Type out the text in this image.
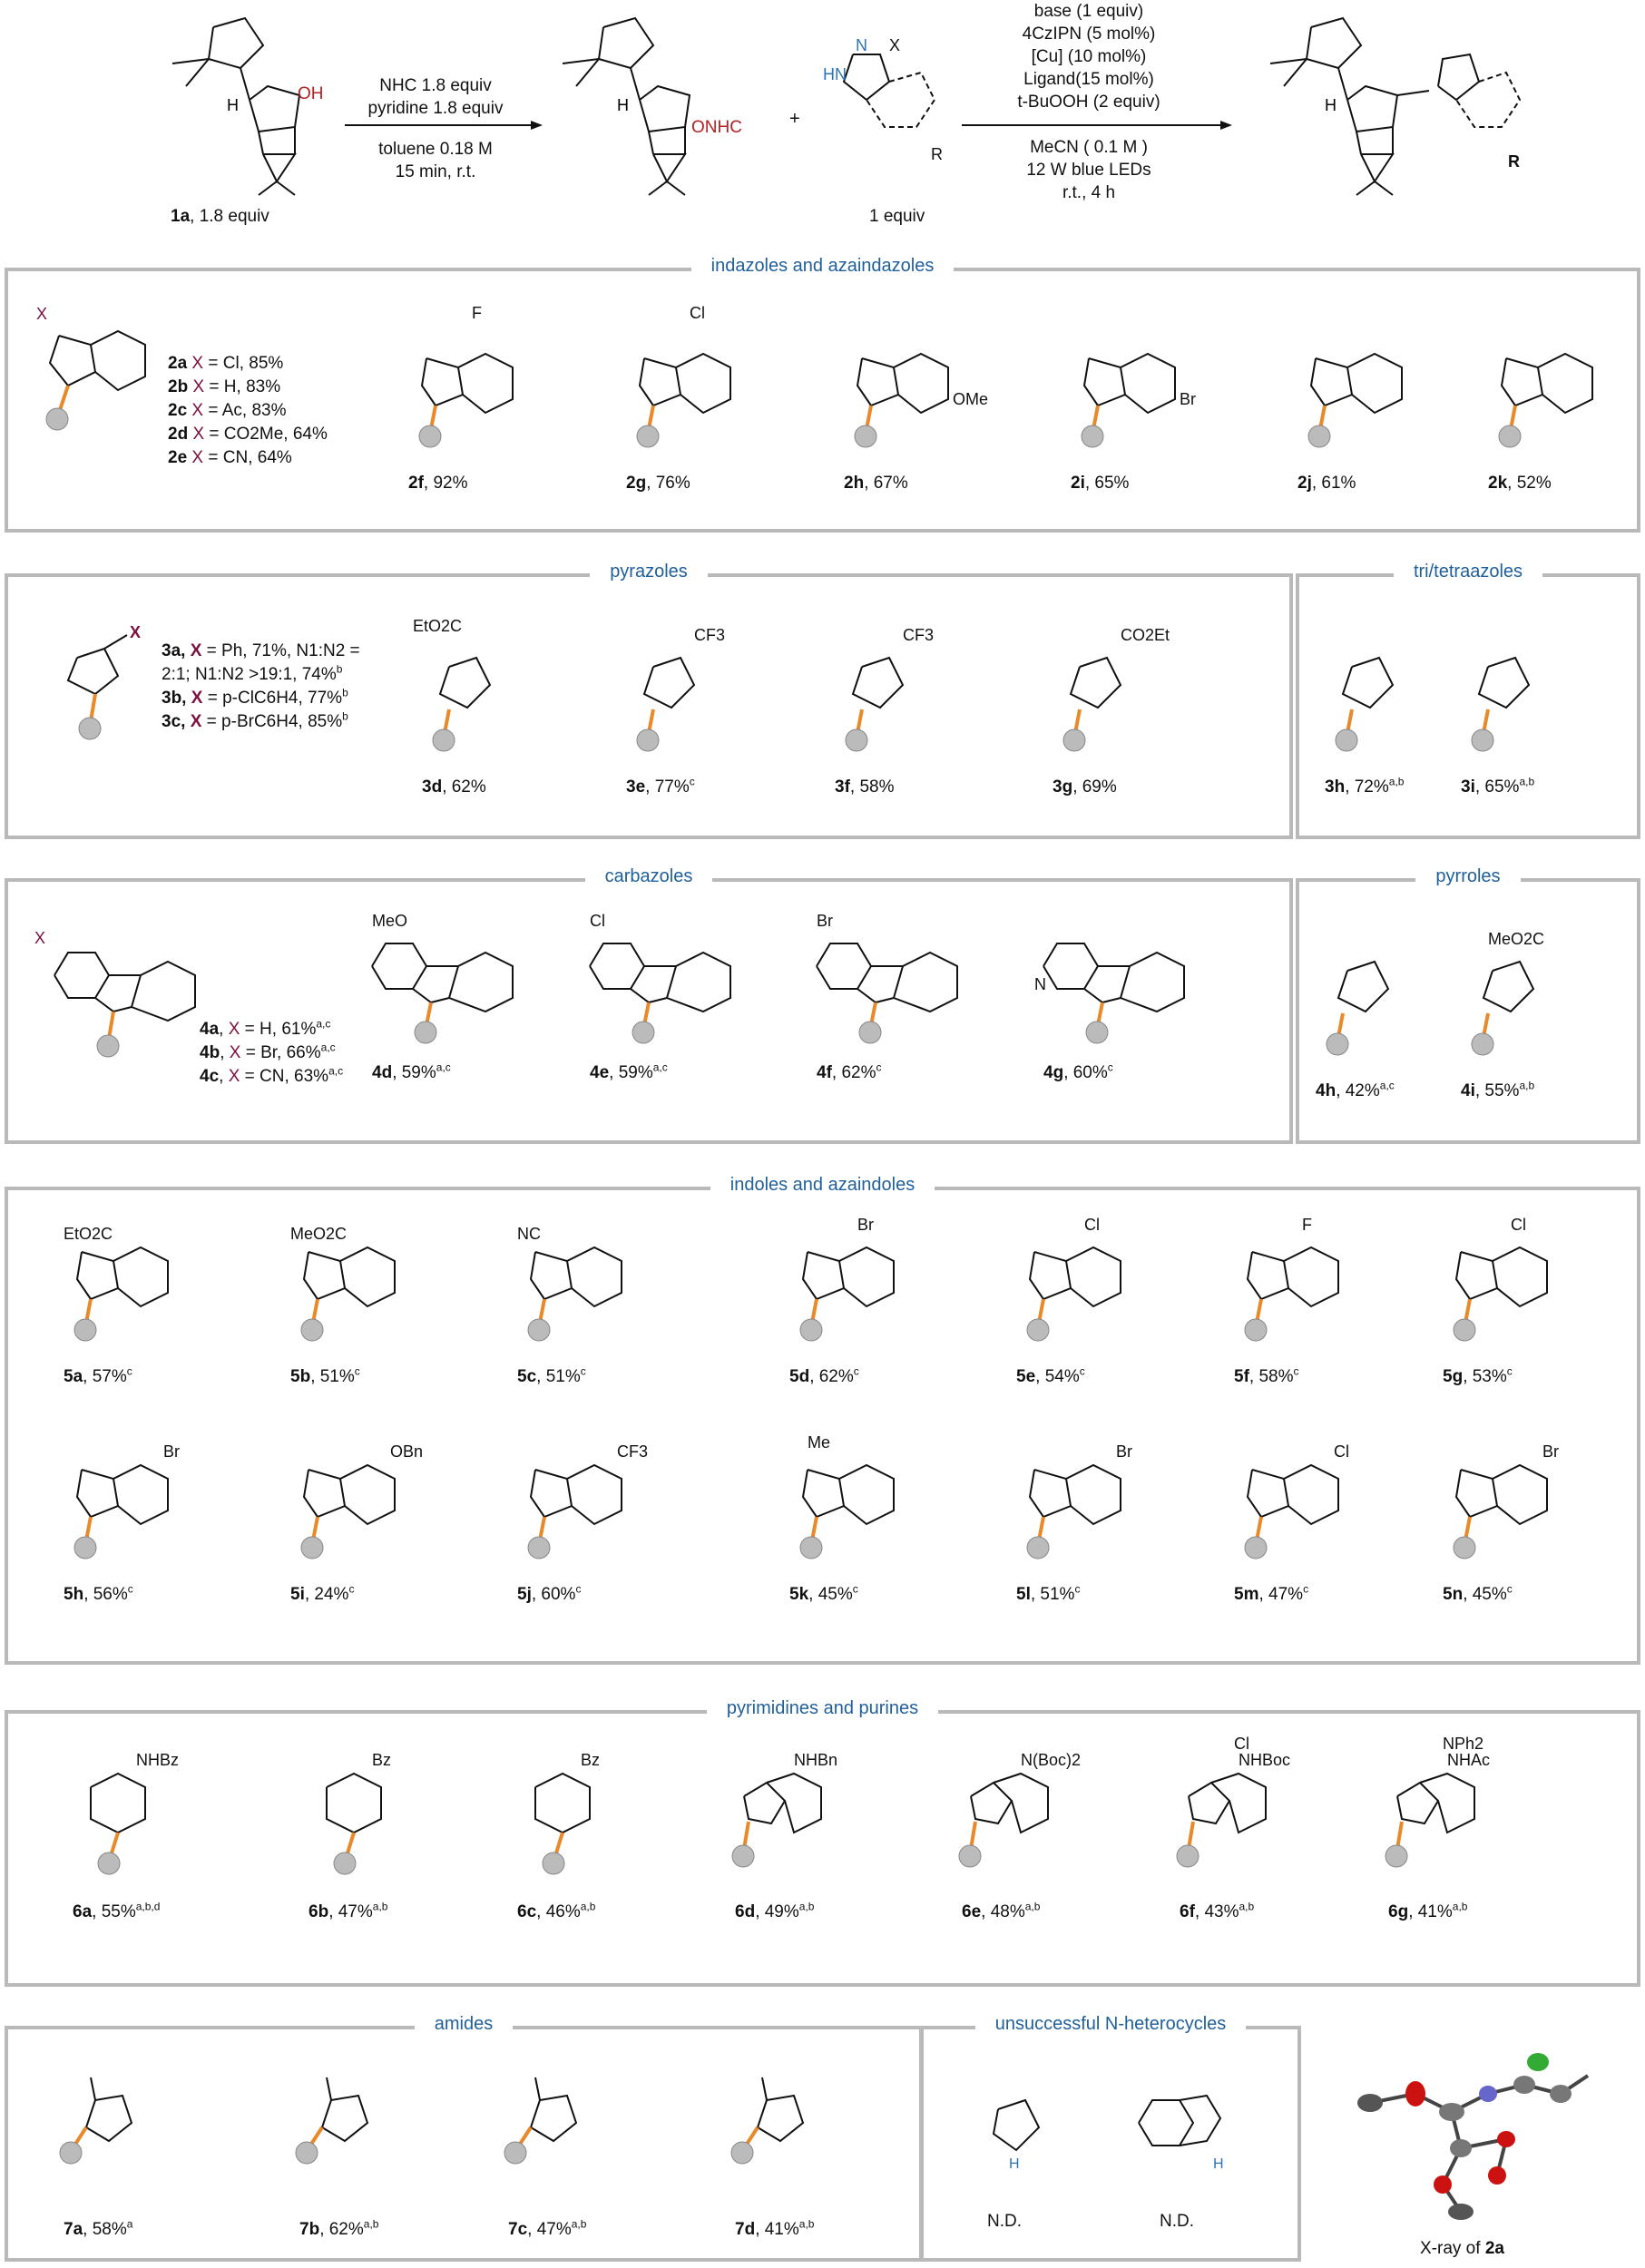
H
OH
1a, 1.8 equiv
NHC 1.8 equiv
pyridine 1.8 equiv
toluene 0.18 M
15 min, r.t.
H
ONHC	+
HN
N X
R
1 equiv
base (1 equiv)
4CzIPN (5 mol%)
[Cu] (10 mol%)
Ligand(15 mol%)
t-BuOOH (2 equiv)
MeCN ( 0.1 M )
12 W blue LEDs
r.t., 4 h
H
R
indazoles and azaindazoles
X
2a X = Cl, 85%
2b X = H, 83%
2c X = Ac, 83%
2d X = CO2Me, 64%
2e X = CN, 64%
F
2f, 92%
Cl
2g, 76%
OMe
2h, 67%
Br
2i, 65%	2j, 61%	2k, 52%
pyrazoles
X
3a, X = Ph, 71%, N1:N2 =
2:1; N1:N2 >19:1, 74%$^b$
3b, X = p-ClC6H4, 77%$^b$
3c, X = p-BrC6H4, 85%$^b$
EtO2C
3d, 62%
CF3
3e, 77%$^c$
CF3
3f, 58%
CO2Et
3g, 69%
tri/tetraazoles
3h, 72%$^{a,b}$	3i, 65%$^{a,b}$
carbazoles
X
4a, X = H, 61%$^{a,c}$
4b, X = Br, 66%$^{a,c}$
4c, X = CN, 63%$^{a,c}$
MeO
4d, 59%$^{a,c}$
Cl
4e, 59%$^{a,c}$
Br
4f, 62%$^c$
N
4g, 60%$^c$
pyrroles
4h, 42%$^{a,c}$
MeO2C
4i, 55%$^{a,b}$
indoles and azaindoles
EtO2C
5a, 57%$^c$
MeO2C
5b, 51%$^c$
NC
5c, 51%$^c$
Br
5d, 62%$^c$
Cl
5e, 54%$^c$
F
5f, 58%$^c$
Cl
5g, 53%$^c$
Br
5h, 56%$^c$
OBn
5i, 24%$^c$
CF3
5j, 60%$^c$
Me
5k, 45%$^c$
Br
5l, 51%$^c$
Cl
5m, 47%$^c$
Br
5n, 45%$^c$
pyrimidines and purines
NHBz
6a, 55%$^{a,b,d}$
Bz
6b, 47%$^{a,b}$
Bz
6c, 46%$^{a,b}$
NHBn
6d, 49%$^{a,b}$
N(Boc)2
6e, 48%$^{a,b}$
NHBoc
Cl
6f, 43%$^{a,b}$
NHAc
NPh2
6g, 41%$^{a,b}$
amides
7a, 58%$^a$	7b, 62%$^{a,b}$	7c, 47%$^{a,b}$	7d, 41%$^{a,b}$
unsuccessful N-heterocycles
H	H
N.D.	N.D.
X-ray of 2a
